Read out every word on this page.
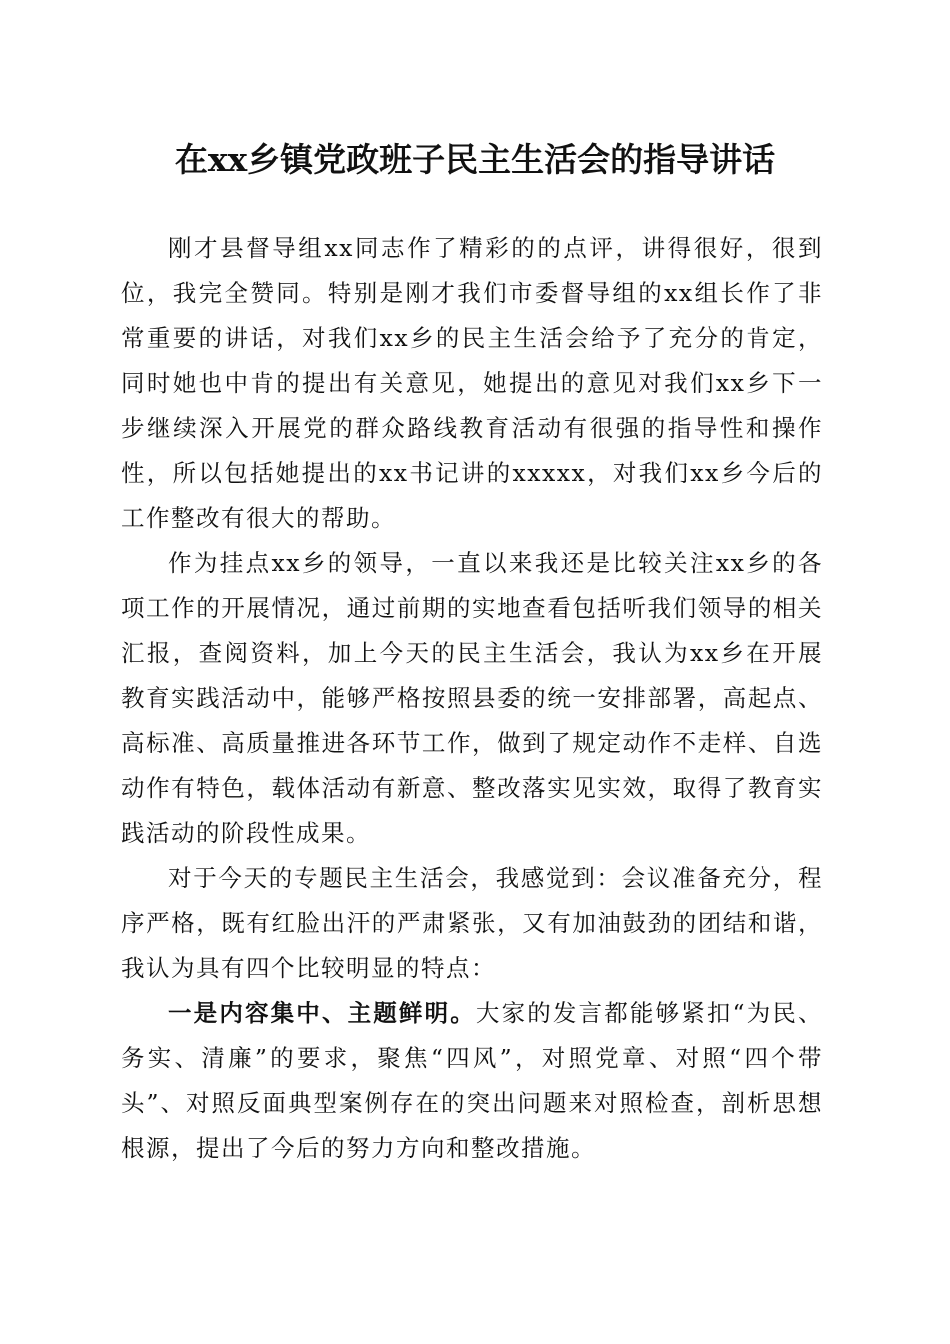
在xx乡镇党政班子民主生活会的指导讲话

刚才县督导组xx同志作了精彩的的点评，讲得很好，很到位，我完全赞同。特别是刚才我们市委督导组的xx组长作了非常重要的讲话，对我们xx乡的民主生活会给予了充分的肯定，同时她也中肯的提出有关意见，她提出的意见对我们xx乡下一步继续深入开展党的群众路线教育活动有很强的指导性和操作性，所以包括她提出的xx书记讲的xxxxx，对我们xx乡今后的工作整改有很大的帮助。

作为挂点xx乡的领导，一直以来我还是比较关注xx乡的各项工作的开展情况，通过前期的实地查看包括听我们领导的相关汇报，查阅资料，加上今天的民主生活会，我认为xx乡在开展教育实践活动中，能够严格按照县委的统一安排部署，高起点、高标准、高质量推进各环节工作，做到了规定动作不走样、自选动作有特色，载体活动有新意、整改落实见实效，取得了教育实践活动的阶段性成果。

对于今天的专题民主生活会，我感觉到：会议准备充分，程序严格，既有红脸出汗的严肃紧张，又有加油鼓劲的团结和谐，我认为具有四个比较明显的特点：

一是内容集中、主题鲜明。大家的发言都能够紧扣“为民、务实、清廉”的要求，聚焦“四风”，对照党章、对照“四个带头”、对照反面典型案例存在的突出问题来对照检查，剖析思想根源，提出了今后的努力方向和整改措施。
